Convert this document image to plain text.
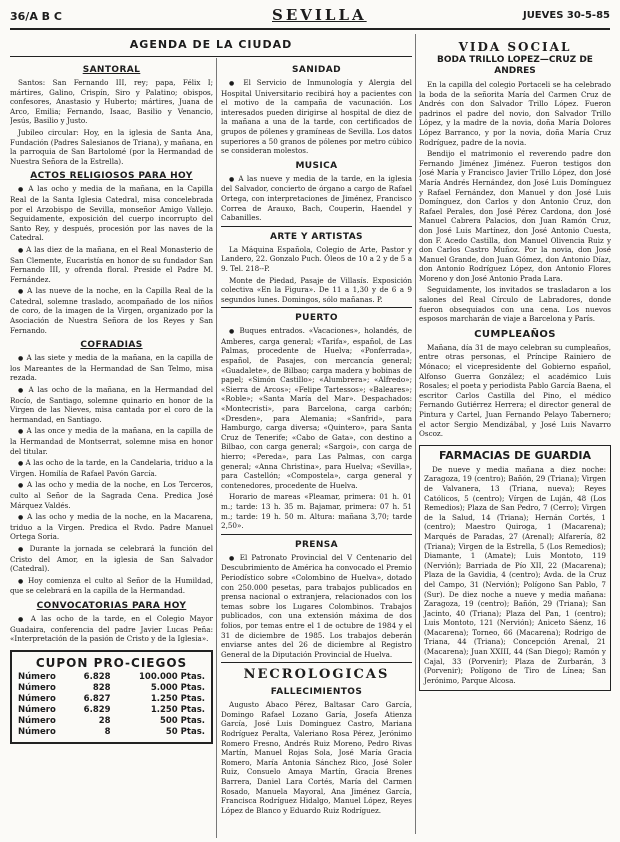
36/A B C	SEVILLA	JUEVES 30-5-85
AGENDA DE LA CIUDAD
SANTORAL

Santos: San Fernando III, rey; papa, Félix I; mártires, Galino, Crispín, Siro y Palatino; obispos, confesores, Anastasio y Huberto; mártires, Juana de Arco, Emilia; Fernando, Isaac, Basilio y Venancio, Jesús, Basilio y Justo.

Jubileo circular: Hoy, en la iglesia de Santa Ana, Fundación (Padres Salesianos de Triana), y mañana, en la parroquia de San Bartolomé (por la Hermandad de Nuestra Señora de la Estrella).

ACTOS RELIGIOSOS PARA HOY

● A las ocho y media de la mañana, en la Capilla Real de la Santa Iglesia Catedral, misa concelebrada por el Arzobispo de Sevilla, monseñor Amigo Vallejo. Seguidamente, exposición del cuerpo incorrupto del Santo Rey, y después, procesión por las naves de la Catedral.

● A las diez de la mañana, en el Real Monasterio de San Clemente, Eucaristía en honor de su fundador San Fernando III, y ofrenda floral. Preside el Padre M. Fernández.

● A las nueve de la noche, en la Capilla Real de la Catedral, solemne traslado, acompañado de los niños de coro, de la imagen de la Virgen, organizado por la Asociación de Nuestra Señora de los Reyes y San Fernando.

COFRADIAS

● A las siete y media de la mañana, en la capilla de los Mareantes de la Hermandad de San Telmo, misa rezada.

● A las ocho de la mañana, en la Hermandad del Rocío, de Santiago, solemne quinario en honor de la Virgen de las Nieves, misa cantada por el coro de la hermandad, en Santiago.

● A las once y media de la mañana, en la capilla de la Hermandad de Montserrat, solemne misa en honor del titular.

● A las ocho de la tarde, en la Candelaria, triduo a la Virgen. Homilía de Rafael Pavón García.

● A las ocho y media de la noche, en Los Terceros, culto al Señor de la Sagrada Cena. Predica José Márquez Valdés.

● A las ocho y media de la noche, en la Macarena, triduo a la Virgen. Predica el Rvdo. Padre Manuel Ortega Soria.

● Durante la jornada se celebrará la función del Cristo del Amor, en la iglesia de San Salvador (Catedral).

● Hoy comienza el culto al Señor de la Humildad, que se celebrará en la capilla de la Hermandad.

CONVOCATORIAS PARA HOY

● A las ocho de la tarde, en el Colegio Mayor Guadaira, conferencia del padre Javier Lucas Peña: «Interpretación de la pasión de Cristo y de la Iglesia».

CUPON PRO-CIEGOS
Número	6.828	100.000 Ptas.
Número	828	5.000 Ptas.
Número	6.827	1.250 Ptas.
Número	6.829	1.250 Ptas.
Número	28	500 Ptas.
Número	8	50 Ptas.
SANIDAD

● El Servicio de Inmunología y Alergia del Hospital Universitario recibirá hoy a pacientes con el motivo de la campaña de vacunación. Los interesados pueden dirigirse al hospital de diez de la mañana a una de la tarde, con certificados de grupos de pólenes y gramíneas de Sevilla. Los datos superiores a 50 granos de pólenes por metro cúbico se consideran molestos.

MUSICA

● A las nueve y media de la tarde, en la iglesia del Salvador, concierto de órgano a cargo de Rafael Ortega, con interpretaciones de Jiménez, Francisco Correa de Arauxo, Bach, Couperin, Haendel y Cabanilles.

ARTE Y ARTISTAS

La Máquina Española, Colegio de Arte, Pastor y Landero, 22. Gonzalo Puch. Óleos de 10 a 2 y de 5 a 9. Tel. 218--P.

Monte de Piedad, Pasaje de Villasís. Exposición colectiva «En la Figura». De 11 a 1,30 y de 6 a 9 segundos lunes. Domingos, sólo mañanas. P.

PUERTO

● Buques entrados. «Vacaciones», holandés, de Amberes, carga general; «Tarifa», español, de Las Palmas, procedente de Huelva; «Ponferrada», español, de Pasajes, con mercancía general; «Guadalete», de Bilbao; carga madera y bobinas de papel; «Simón Castillo»; «Alumbrera»; «Alfredo»; «Sierra de Arcos»; «Felipe Tartessos»; «Baleares»; «Roble»; «Santa María del Mar». Despachados: «Montecristi», para Barcelona, carga carbón; «Dresden», para Alemania; «Sanfrid», para Hamburgo, carga diversa; «Quintero», para Santa Cruz de Tenerife; «Cabo de Gata», con destino a Bilbao, con carga general; «Sargoi», con carga de hierro; «Pereda», para Las Palmas, con carga general; «Anna Christina», para Huelva; «Sevilla», para Castellón; «Compostela», carga general y contenedores, procedente de Huelva.

Horario de mareas «Pleamar, primera: 01 h. 01 m.; tarde: 13 h. 35 m. Bajamar, primera: 07 h. 51 m.; tarde: 19 h. 50 m. Altura: mañana 3,70; tarde 2,50».

PRENSA

● El Patronato Provincial del V Centenario del Descubrimiento de América ha convocado el Premio Periodístico sobre «Colombino de Huelva», dotado con 250.000 pesetas, para trabajos publicados en prensa nacional o extranjera, relacionados con los temas sobre los Lugares Colombinos. Trabajos publicados, con una extensión máxima de dos folios, por temas entre el 1 de octubre de 1984 y el 31 de diciembre de 1985. Los trabajos deberán enviarse antes del 26 de diciembre al Registro General de la Diputación Provincial de Huelva.

NECROLOGICAS
FALLECIMIENTOS

Augusto Abaco Pérez, Baltasar Caro García, Domingo Rafael Lozano Garía, Josefa Atienza García, José Luis Dominguez Castro, Mariana Rodríguez Peralta, Valeriano Rosa Pérez, Jerónimo Romero Fresno, Andrés Ruiz Moreno, Pedro Rivas Martín, Manuel Rojas Sola, José María Gracia Romero, María Antonia Sánchez Rico, José Soler Ruiz, Consuelo Amaya Martín, Gracia Brenes Barrera, Daniel Lara Cortés, María del Carmen Rosado, Manuela Mayoral, Ana Jiménez García, Francisca Rodríguez Hidalgo, Manuel López, Reyes López de Blanco y Eduardo Ruiz Rodríguez.

VIDA SOCIAL
BODA TRILLO LOPEZ—CRUZ DE ANDRES

En la capilla del colegio Portaceli se ha celebrado la boda de la señorita María del Carmen Cruz de Andrés con don Salvador Trillo López. Fueron padrinos el padre del novio, don Salvador Trillo López, y la madre de la novia, doña María Dolores López Barranco, y por la novia, doña María Cruz Rodríguez, padre de la novia.

Bendijo el matrimonio el reverendo padre don Fernando Jiménez Jiménez. Fueron testigos don José María y Francisco Javier Trillo López, don José María Andrés Hernández, don José Luis Domínguez y Rafael Fernández, don Manuel y don José Luis Domínguez, don Carlos y don Antonio Cruz, don Rafael Perales, don José Pérez Cardona, don José Manuel Cabrera Palacios, don Juan Ramón Cruz, don José Luis Martínez, don José Antonio Cuesta, don F. Acedo Castilla, don Manuel Olivencia Ruiz y don Carlos Castro Muñoz. Por la novia, don José Manuel Grande, don Juan Gómez, don Antonio Díaz, don Antonio Rodríguez López, don Antonio Flores Moreno y don José Antonio Prada Lara.

Seguidamente, los invitados se trasladaron a los salones del Real Círculo de Labradores, donde fueron obsequiados con una cena. Los nuevos esposos marcharán de viaje a Barcelona y París.

CUMPLEAÑOS

Mañana, día 31 de mayo celebran su cumpleaños, entre otras personas, el Príncipe Rainiero de Mónaco; el vicepresidente del Gobierno español, Alfonso Guerra González; el académico Luis Rosales; el poeta y periodista Pablo García Baena, el escritor Carlos Castilla del Pino, el médico Fernando Gutiérrez Herrera; el director general de Pintura y Cartel, Juan Fernando Pelayo Tabernero; el actor Sergio Mendizábal, y José Luis Navarro Oscoz.

FARMACIAS DE GUARDIA

De nueve y media mañana a diez noche: Zaragoza, 19 (centro); Bañón, 29 (Triana); Virgen de Valvanera, 13 (Triana, nueva); Reyes Católicos, 5 (centro); Vírgen de Luján, 48 (Los Remedios); Plaza de San Pedro, 7 (Cerro); Virgen de la Salud, 14 (Triana); Hernán Cortés, 1 (centro); Maestro Quiroga, 1 (Macarena); Marqués de Paradas, 27 (Arenal); Alfarería, 82 (Triana); Virgen de la Estrella, 5 (Los Remedios); Diamante, 1 (Amate); Luis Montoto, 119 (Nervión); Barriada de Pío XII, 22 (Macarena); Plaza de la Gavidia, 4 (centro); Avda. de la Cruz del Campo, 31 (Nervión); Polígono San Pablo, 7 (Sur). De diez noche a nueve y media mañana: Zaragoza, 19 (centro); Bañón, 29 (Triana); San Jacinto, 40 (Triana); Plaza del Pan, 1 (centro); Luis Montoto, 121 (Nervión); Aniceto Sáenz, 16 (Macarena); Torneo, 66 (Macarena); Rodrigo de Triana, 44 (Triana); Concepción Arenal, 21 (Macarena); Juan XXIII, 44 (San Diego); Ramón y Cajal, 33 (Porvenir); Plaza de Zurbarán, 3 (Porvenir); Polígono de Tiro de Línea; San Jerónimo, Parque Alcosa.
